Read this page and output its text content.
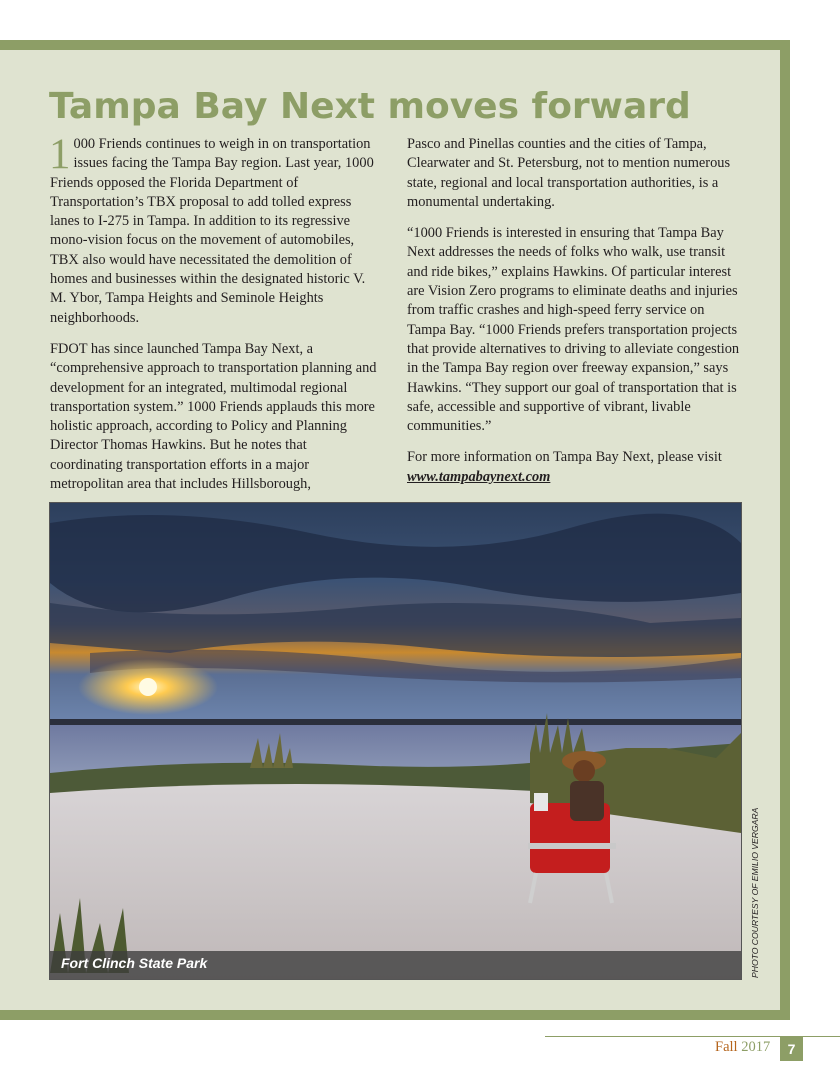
Tampa Bay Next moves forward

1 000 Friends continues to weigh in on transportation issues facing the Tampa Bay region. Last year, 1000 Friends opposed the Florida Department of Transportation’s TBX proposal to add tolled express lanes to I-275 in Tampa. In addition to its regressive mono-vision focus on the movement of automobiles, TBX also would have necessitated the demolition of homes and businesses within the designated historic V. M. Ybor, Tampa Heights and Seminole Heights neighborhoods.

FDOT has since launched Tampa Bay Next, a “comprehensive approach to transportation planning and development for an integrated, multimodal regional transportation system.” 1000 Friends applauds this more holistic approach, according to Policy and Planning Director Thomas Hawkins. But he notes that coordinating transportation efforts in a major metropolitan area that includes Hillsborough,

Pasco and Pinellas counties and the cities of Tampa, Clearwater and St. Petersburg, not to mention numerous state, regional and local transportation authorities, is a monumental undertaking.

“1000 Friends is interested in ensuring that Tampa Bay Next addresses the needs of folks who walk, use transit and ride bikes,” explains Hawkins. Of particular interest are Vision Zero programs to eliminate deaths and injuries from traffic crashes and high-speed ferry service on Tampa Bay. “1000 Friends prefers transportation projects that provide alternatives to driving to alleviate congestion in the Tampa Bay region over freeway expansion,” says Hawkins. “They support our goal of transportation that is safe, accessible and supportive of vibrant, livable communities.”

For more information on Tampa Bay Next, please visit
www.tampabaynext.com

Fort Clinch State Park	PHOTO COURTESY OF EMILIO VERGARA
Fall 2017	7
